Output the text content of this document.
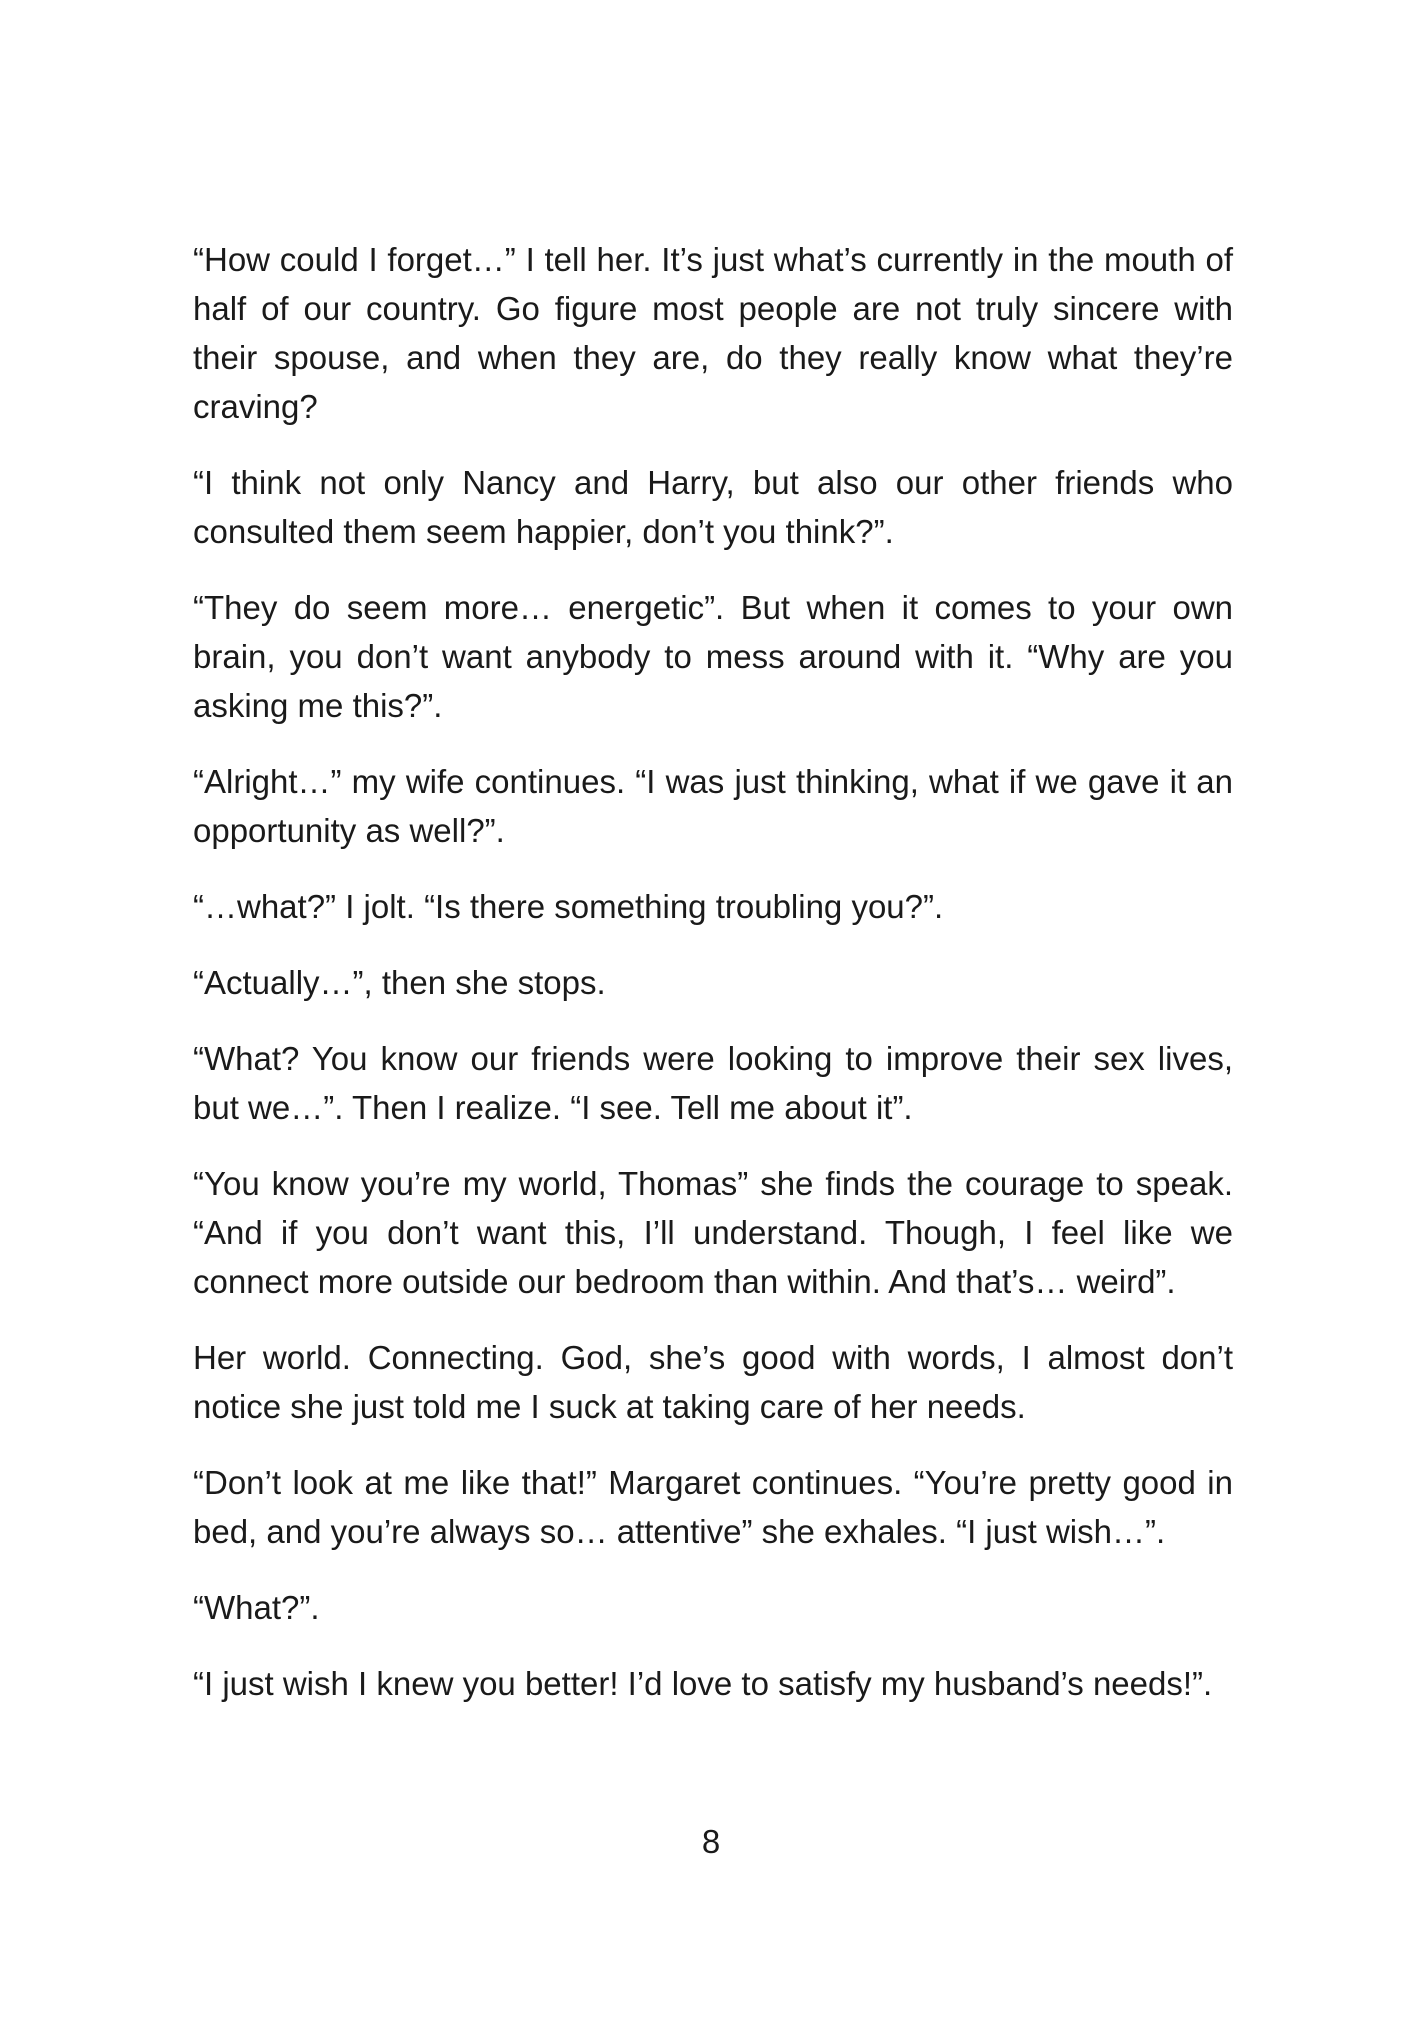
“How could I forget…” I tell her. It’s just what’s currently in the mouth of half of our country. Go figure most people are not truly sincere with their spouse, and when they are, do they really know what they’re craving?

“I think not only Nancy and Harry, but also our other friends who consulted them seem happier, don’t you think?”.

“They do seem more… energetic”. But when it comes to your own brain, you don’t want anybody to mess around with it. “Why are you asking me this?”.

“Alright…” my wife continues. “I was just thinking, what if we gave it an opportunity as well?”.

“…what?” I jolt. “Is there something troubling you?”.

“Actually…”, then she stops.

“What? You know our friends were looking to improve their sex lives, but we…”. Then I realize. “I see. Tell me about it”.

“You know you’re my world, Thomas” she finds the courage to speak. “And if you don’t want this, I’ll understand. Though, I feel like we connect more outside our bedroom than within. And that’s… weird”.

Her world. Connecting. God, she’s good with words, I almost don’t notice she just told me I suck at taking care of her needs.

“Don’t look at me like that!” Margaret continues. “You’re pretty good in bed, and you’re always so… attentive” she exhales. “I just wish…”.

“What?”.

“I just wish I knew you better! I’d love to satisfy my husband’s needs!”.

8
